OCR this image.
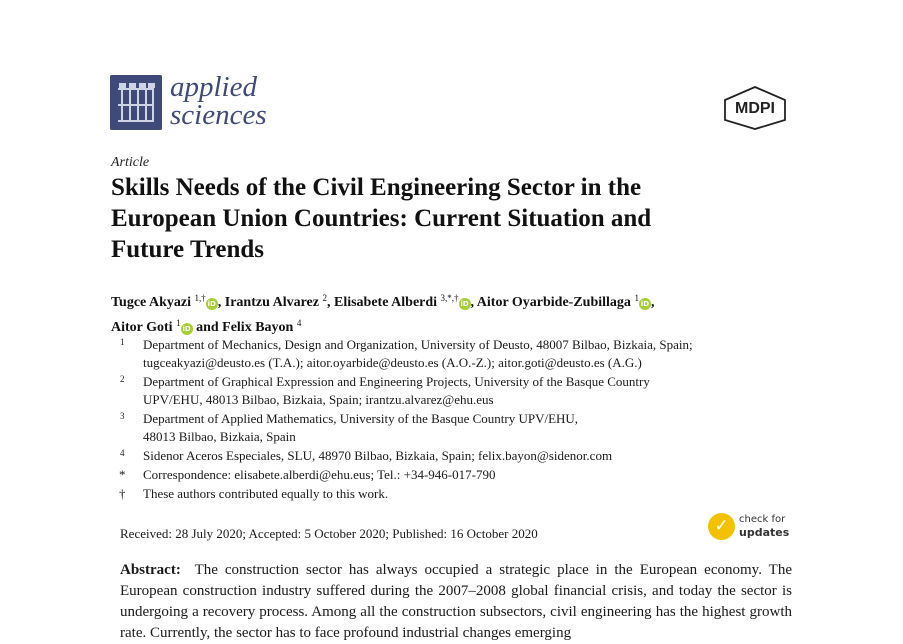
applied
sciences	MDPI
Article
Skills Needs of the Civil Engineering Sector in the
European Union Countries: Current Situation and
Future Trends
Tugce Akyazi $^{1,\dagger}$iD , Irantzu Alvarez $^2$, Elisabete Alberdi $^{3,*,\dagger}$iD , Aitor Oyarbide-Zubillaga $^1$iD ,
Aitor Goti $^1$iD and Felix Bayon $^4$
1 Department of Mechanics, Design and Organization, University of Deusto, 48007 Bilbao, Bizkaia, Spain;
tugceakyazi@deusto.es (T.A.); aitor.oyarbide@deusto.es (A.O.-Z.); aitor.goti@deusto.es (A.G.)
2 Department of Graphical Expression and Engineering Projects, University of the Basque Country
UPV/EHU, 48013 Bilbao, Bizkaia, Spain; irantzu.alvarez@ehu.eus
3 Department of Applied Mathematics, University of the Basque Country UPV/EHU,
48013 Bilbao, Bizkaia, Spain
4 Sidenor Aceros Especiales, SLU, 48970 Bilbao, Bizkaia, Spain; felix.bayon@sidenor.com
* Correspondence: elisabete.alberdi@ehu.eus; Tel.: +34-946-017-790
† These authors contributed equally to this work.
Received: 28 July 2020; Accepted: 5 October 2020; Published: 16 October 2020	✓	check for
updates
Abstract: The construction sector has always occupied a strategic place in the European economy. The European construction industry suffered during the 2007–2008 global financial crisis, and today the sector is undergoing a recovery process. Among all the construction subsectors, civil engineering has the highest growth rate. Currently, the sector has to face profound industrial changes emerging
